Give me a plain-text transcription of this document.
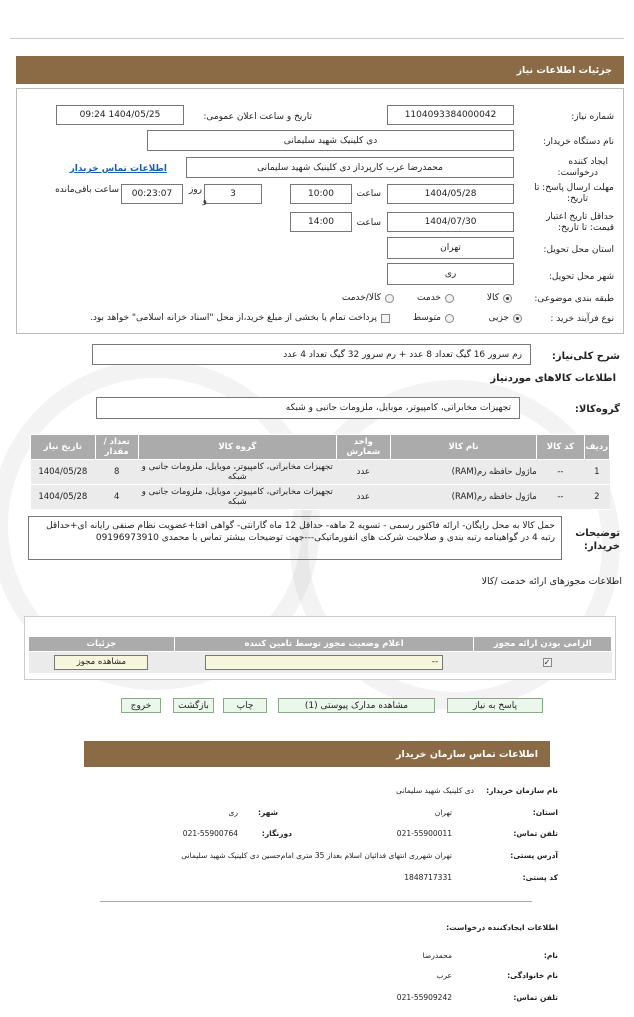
جزئیات اطلاعات نیاز
شماره نیاز:
1104093384000042
تاریخ و ساعت اعلان عمومی:
1404/05/25 09:24
نام دستگاه خریدار:
دی کلینیک شهید سلیمانی
ایجاد کننده
درخواست:
محمدرضا عرب کارپرداز دی کلینیک شهید سلیمانی
اطلاعات تماس خریدار
مهلت ارسال پاسخ: تا
تاریخ:
1404/05/28
ساعت
10:00
3
روز
و
00:23:07
ساعت باقی‌مانده
حداقل تاریخ اعتبار
قیمت: تا تاریخ:
1404/07/30
ساعت
14:00
استان محل تحویل:
تهران
شهر محل تحویل:
ری
طبقه بندی موضوعی:
کالا
خدمت
کالا/خدمت
نوع فرآیند خرید :
جزیی
متوسط
پرداخت تمام یا بخشی از مبلغ خرید،از محل "اسناد خزانه اسلامی" خواهد بود.
شرح کلی‌نیاز:
رم سرور 16 گیگ تعداد 8 عدد + رم سرور 32 گیگ تعداد 4 عدد
اطلاعات کالاهای موردنیاز
گروه‌کالا:
تجهیزات مخابراتی، کامپیوتر، موبایل، ملزومات جانبی و شبکه
ردیف	کد کالا	نام کالا	واحد شمارش	گروه کالا	تعداد / مقدار	تاریخ نیاز
1	--	ماژول حافظه رم(RAM)	عدد	تجهیزات مخابراتی، کامپیوتر، موبایل، ملزومات جانبی و شبکه	8	1404/05/28
2	--	ماژول حافظه رم(RAM)	عدد	تجهیزات مخابراتی، کامپیوتر، موبایل، ملزومات جانبی و شبکه	4	1404/05/28
توضیحات
خریدار:
حمل کالا به محل رایگان- ارائه فاکتور رسمی - تسویه 2 ماهه- حداقل 12 ماه گارانتی- گواهی افتا+عضویت نظام صنفی رایانه ای+حداقل رتبه 4 در گواهینامه رتبه بندی و صلاحیت شرکت های انفورماتیکی---جهت توضیحات بیشتر تماس با محمدی 09196973910
اطلاعات مجوزهای ارائه خدمت /کالا
الزامی بودن ارائه مجوز	اعلام وضعیت مجوز توسط تامین کننده	جزئیات
✓	--	مشاهده مجوز
پاسخ به نیاز
مشاهده مدارک پیوستی (1)
چاپ
بازگشت
خروج
اطلاعات تماس سازمان خریدار
نام سازمان خریدار:
دی کلینیک شهید سلیمانی
استان:
تهران
شهر:
ری
تلفن تماس:
021-55900011
دورنگار:
021-55900764
آدرس پستی:
تهران شهرری انتهای فدائیان اسلام بعداز 35 متری امام‌حسین دی کلینیک شهید سلیمانی
کد پستی:
1848717331
اطلاعات ایجادکننده درخواست:
نام:
محمدرضا
نام خانوادگی:
عرب
تلفن تماس:
021-55909242
